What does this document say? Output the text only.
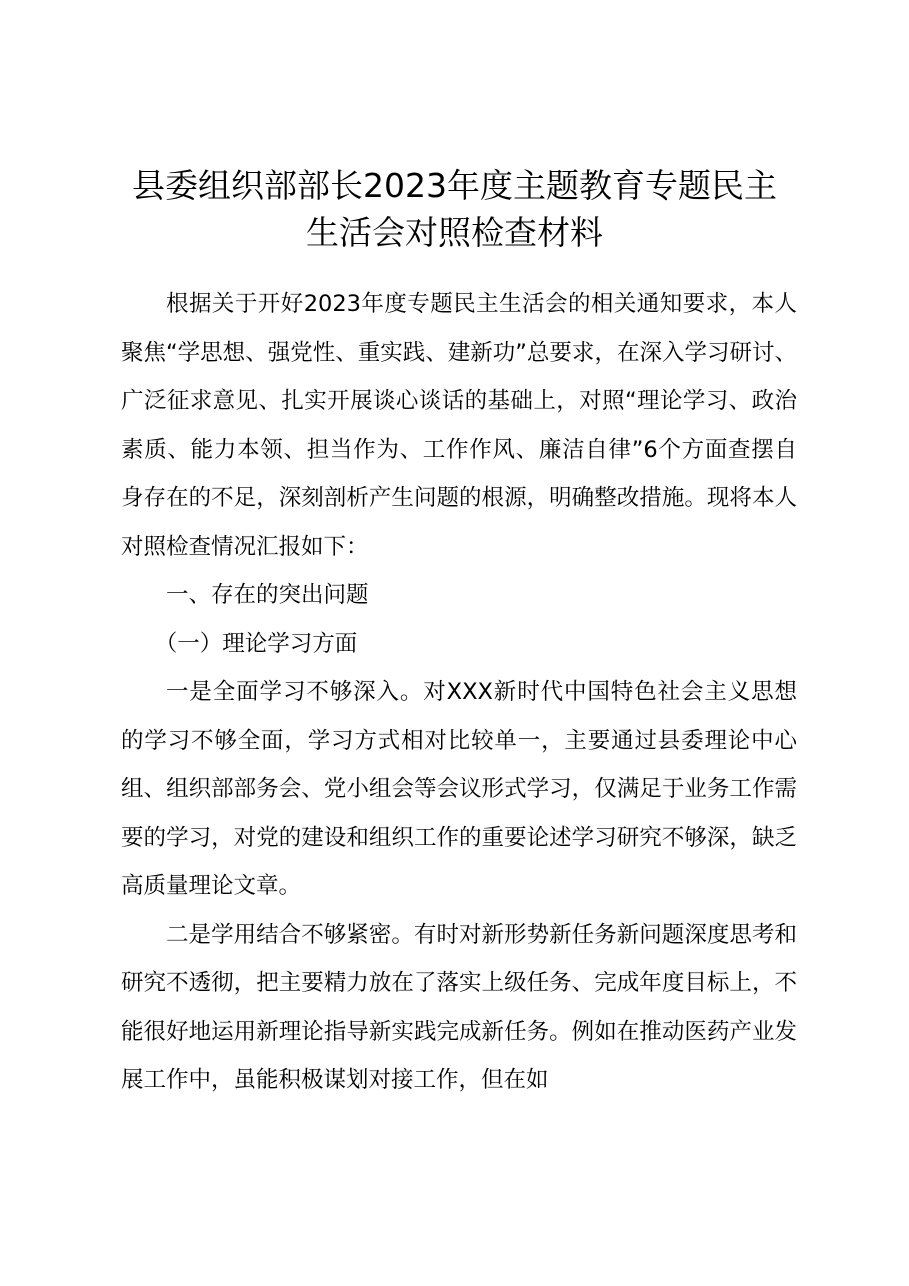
县委组织部部长2023年度主题教育专题民主
生活会对照检查材料

根据关于开好2023年度专题民主生活会的相关通知要求，本人聚焦“学思想、强党性、重实践、建新功”总要求，在深入学习研讨、广泛征求意见、扎实开展谈心谈话的基础上，对照“理论学习、政治素质、能力本领、担当作为、工作作风、廉洁自律”6个方面查摆自身存在的不足，深刻剖析产生问题的根源，明确整改措施。现将本人对照检查情况汇报如下：

一、存在的突出问题

（一）理论学习方面

一是全面学习不够深入。对XXX新时代中国特色社会主义思想的学习不够全面，学习方式相对比较单一，主要通过县委理论中心组、组织部部务会、党小组会等会议形式学习，仅满足于业务工作需要的学习，对党的建设和组织工作的重要论述学习研究不够深，缺乏高质量理论文章。

二是学用结合不够紧密。有时对新形势新任务新问题深度思考和研究不透彻，把主要精力放在了落实上级任务、完成年度目标上，不能很好地运用新理论指导新实践完成新任务。例如在推动医药产业发展工作中，虽能积极谋划对接工作，但在如
